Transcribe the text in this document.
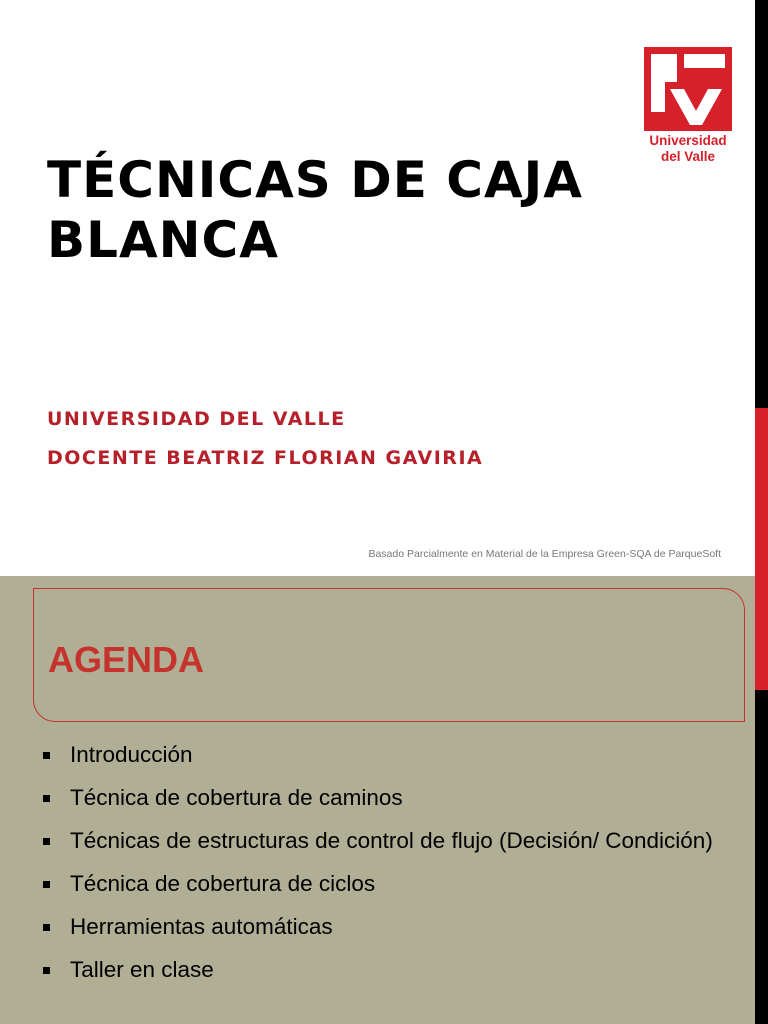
Universidad
del Valle
TÉCNICAS DE CAJA
BLANCA
UNIVERSIDAD DEL VALLE
DOCENTE BEATRIZ FLORIAN GAVIRIA
Basado Parcialmente en Material de la Empresa Green-SQA de ParqueSoft
AGENDA
Introducción
Técnica de cobertura de caminos
Técnicas de estructuras de control de flujo (Decisión/ Condición)
Técnica de cobertura de ciclos
Herramientas automáticas
Taller en clase
